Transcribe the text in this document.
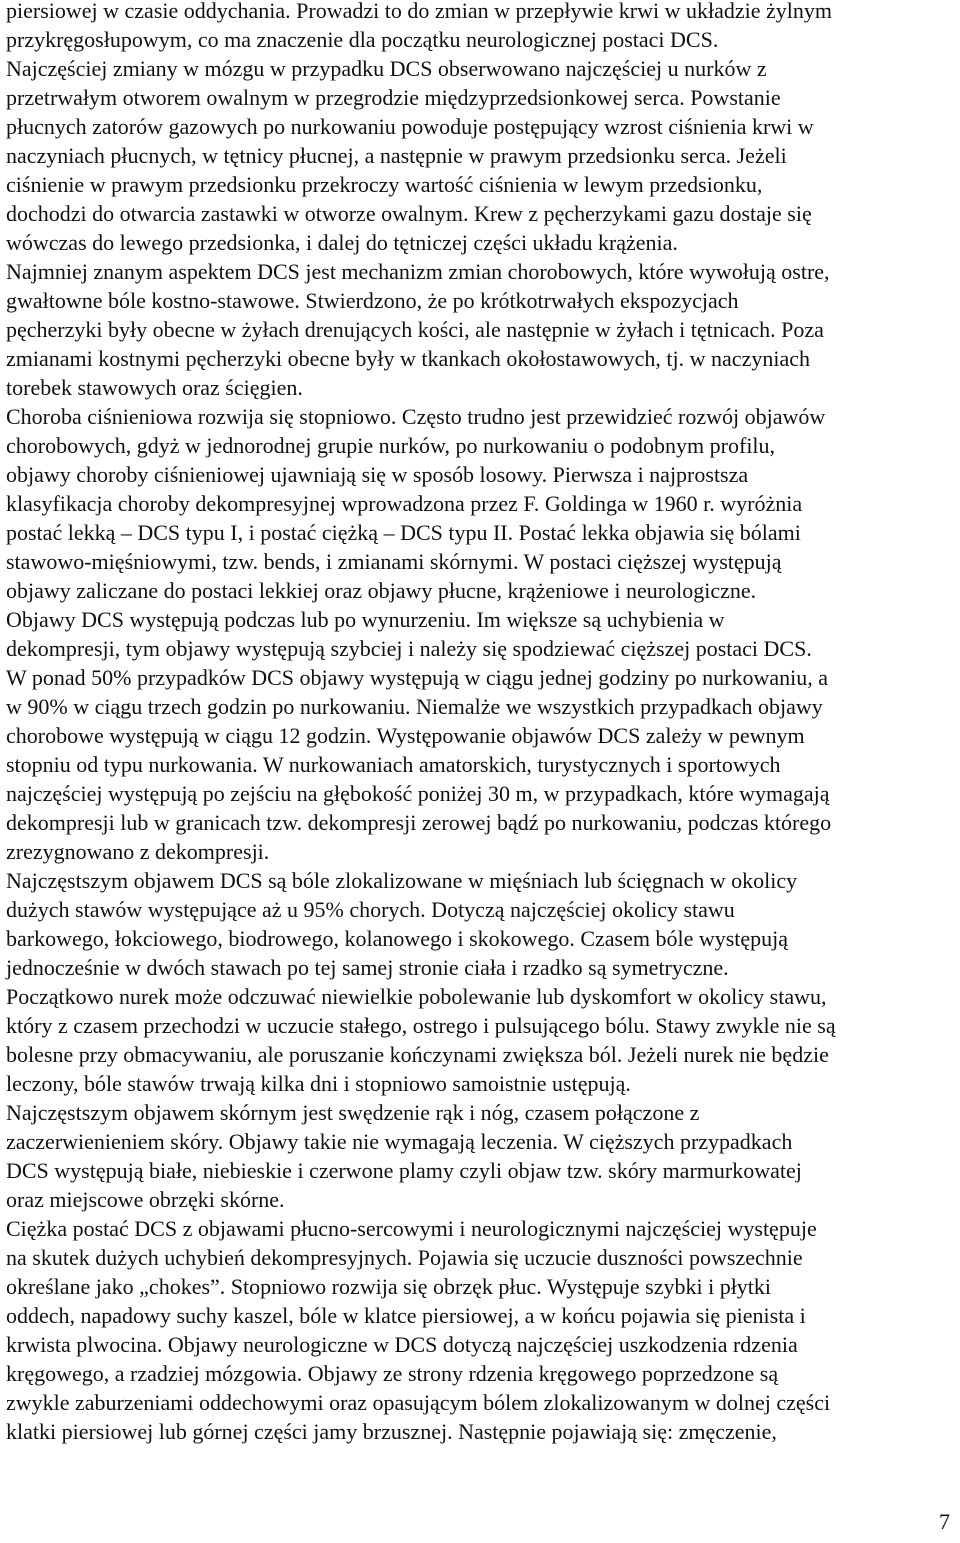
piersiowej w czasie oddychania. Prowadzi to do zmian w przepływie krwi w układzie żylnym
przykręgosłupowym, co ma znaczenie dla początku neurologicznej postaci DCS.
Najczęściej zmiany w mózgu w przypadku DCS obserwowano najczęściej u nurków z
przetrwałym otworem owalnym w przegrodzie międzyprzedsionkowej serca. Powstanie
płucnych zatorów gazowych po nurkowaniu powoduje postępujący wzrost ciśnienia krwi w
naczyniach płucnych, w tętnicy płucnej, a następnie w prawym przedsionku serca. Jeżeli
ciśnienie w prawym przedsionku przekroczy wartość ciśnienia w lewym przedsionku,
dochodzi do otwarcia zastawki w otworze owalnym. Krew z pęcherzykami gazu dostaje się
wówczas do lewego przedsionka, i dalej do tętniczej części układu krążenia.

Najmniej znanym aspektem DCS jest mechanizm zmian chorobowych, które wywołują ostre,
gwałtowne bóle kostno-stawowe. Stwierdzono, że po krótkotrwałych ekspozycjach
pęcherzyki były obecne w żyłach drenujących kości, ale następnie w żyłach i tętnicach. Poza
zmianami kostnymi pęcherzyki obecne były w tkankach okołostawowych, tj. w naczyniach
torebek stawowych oraz ścięgien.

Choroba ciśnieniowa rozwija się stopniowo. Często trudno jest przewidzieć rozwój objawów
chorobowych, gdyż w jednorodnej grupie nurków, po nurkowaniu o podobnym profilu,
objawy choroby ciśnieniowej ujawniają się w sposób losowy. Pierwsza i najprostsza
klasyfikacja choroby dekompresyjnej wprowadzona przez F. Goldinga w 1960 r. wyróżnia
postać lekką – DCS typu I, i postać ciężką – DCS typu II. Postać lekka objawia się bólami
stawowo-mięśniowymi, tzw. bends, i zmianami skórnymi. W postaci cięższej występują
objawy zaliczane do postaci lekkiej oraz objawy płucne, krążeniowe i neurologiczne.
Objawy DCS występują podczas lub po wynurzeniu. Im większe są uchybienia w
dekompresji, tym objawy występują szybciej i należy się spodziewać cięższej postaci DCS.
W ponad 50% przypadków DCS objawy występują w ciągu jednej godziny po nurkowaniu, a
w 90% w ciągu trzech godzin po nurkowaniu. Niemalże we wszystkich przypadkach objawy
chorobowe występują w ciągu 12 godzin. Występowanie objawów DCS zależy w pewnym
stopniu od typu nurkowania. W nurkowaniach amatorskich, turystycznych i sportowych
najczęściej występują po zejściu na głębokość poniżej 30 m, w przypadkach, które wymagają
dekompresji lub w granicach tzw. dekompresji zerowej bądź po nurkowaniu, podczas którego
zrezygnowano z dekompresji.

Najczęstszym objawem DCS są bóle zlokalizowane w mięśniach lub ścięgnach w okolicy
dużych stawów występujące aż u 95% chorych. Dotyczą najczęściej okolicy stawu
barkowego, łokciowego, biodrowego, kolanowego i skokowego. Czasem bóle występują
jednocześnie w dwóch stawach po tej samej stronie ciała i rzadko są symetryczne.
Początkowo nurek może odczuwać niewielkie pobolewanie lub dyskomfort w okolicy stawu,
który z czasem przechodzi w uczucie stałego, ostrego i pulsującego bólu. Stawy zwykle nie są
bolesne przy obmacywaniu, ale poruszanie kończynami zwiększa ból. Jeżeli nurek nie będzie
leczony, bóle stawów trwają kilka dni i stopniowo samoistnie ustępują.

Najczęstszym objawem skórnym jest swędzenie rąk i nóg, czasem połączone z
zaczerwienieniem skóry. Objawy takie nie wymagają leczenia. W cięższych przypadkach
DCS występują białe, niebieskie i czerwone plamy czyli objaw tzw. skóry marmurkowatej
oraz miejscowe obrzęki skórne.

Ciężka postać DCS z objawami płucno-sercowymi i neurologicznymi najczęściej występuje
na skutek dużych uchybień dekompresyjnych. Pojawia się uczucie duszności powszechnie
określane jako „chokes”. Stopniowo rozwija się obrzęk płuc. Występuje szybki i płytki
oddech, napadowy suchy kaszel, bóle w klatce piersiowej, a w końcu pojawia się pienista i
krwista plwocina. Objawy neurologiczne w DCS dotyczą najczęściej uszkodzenia rdzenia
kręgowego, a rzadziej mózgowia. Objawy ze strony rdzenia kręgowego poprzedzone są
zwykle zaburzeniami oddechowymi oraz opasującym bólem zlokalizowanym w dolnej części
klatki piersiowej lub górnej części jamy brzusznej. Następnie pojawiają się: zmęczenie,

7
